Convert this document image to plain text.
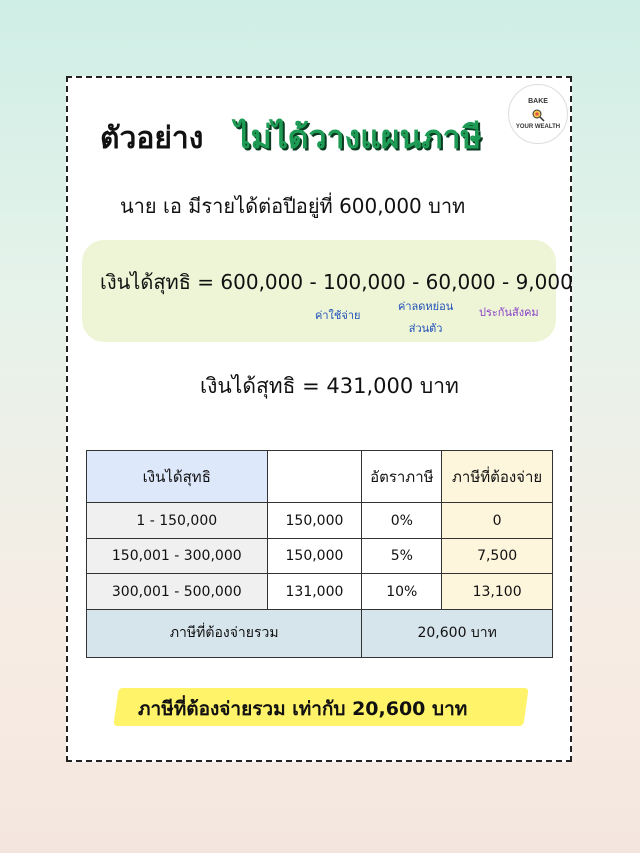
BAKE
YOUR WEALTH
ตัวอย่าง ไม่ได้วางแผนภาษี
นาย เอ มีรายได้ต่อปีอยู่ที่ 600,000 บาท
เงินได้สุทธิ = 600,000 - 100,000 - 60,000 - 9,000
ค่าใช้จ่าย
ค่าลดหย่อน
ส่วนตัว
ประกันสังคม
เงินได้สุทธิ = 431,000 บาท
เงินได้สุทธิ		อัตราภาษี	ภาษีที่ต้องจ่าย
1 - 150,000	150,000	0%	0
150,001 - 300,000	150,000	5%	7,500
300,001 - 500,000	131,000	10%	13,100
ภาษีที่ต้องจ่ายรวม		20,600 บาท	
ภาษีที่ต้องจ่ายรวม เท่ากับ 20,600 บาท
